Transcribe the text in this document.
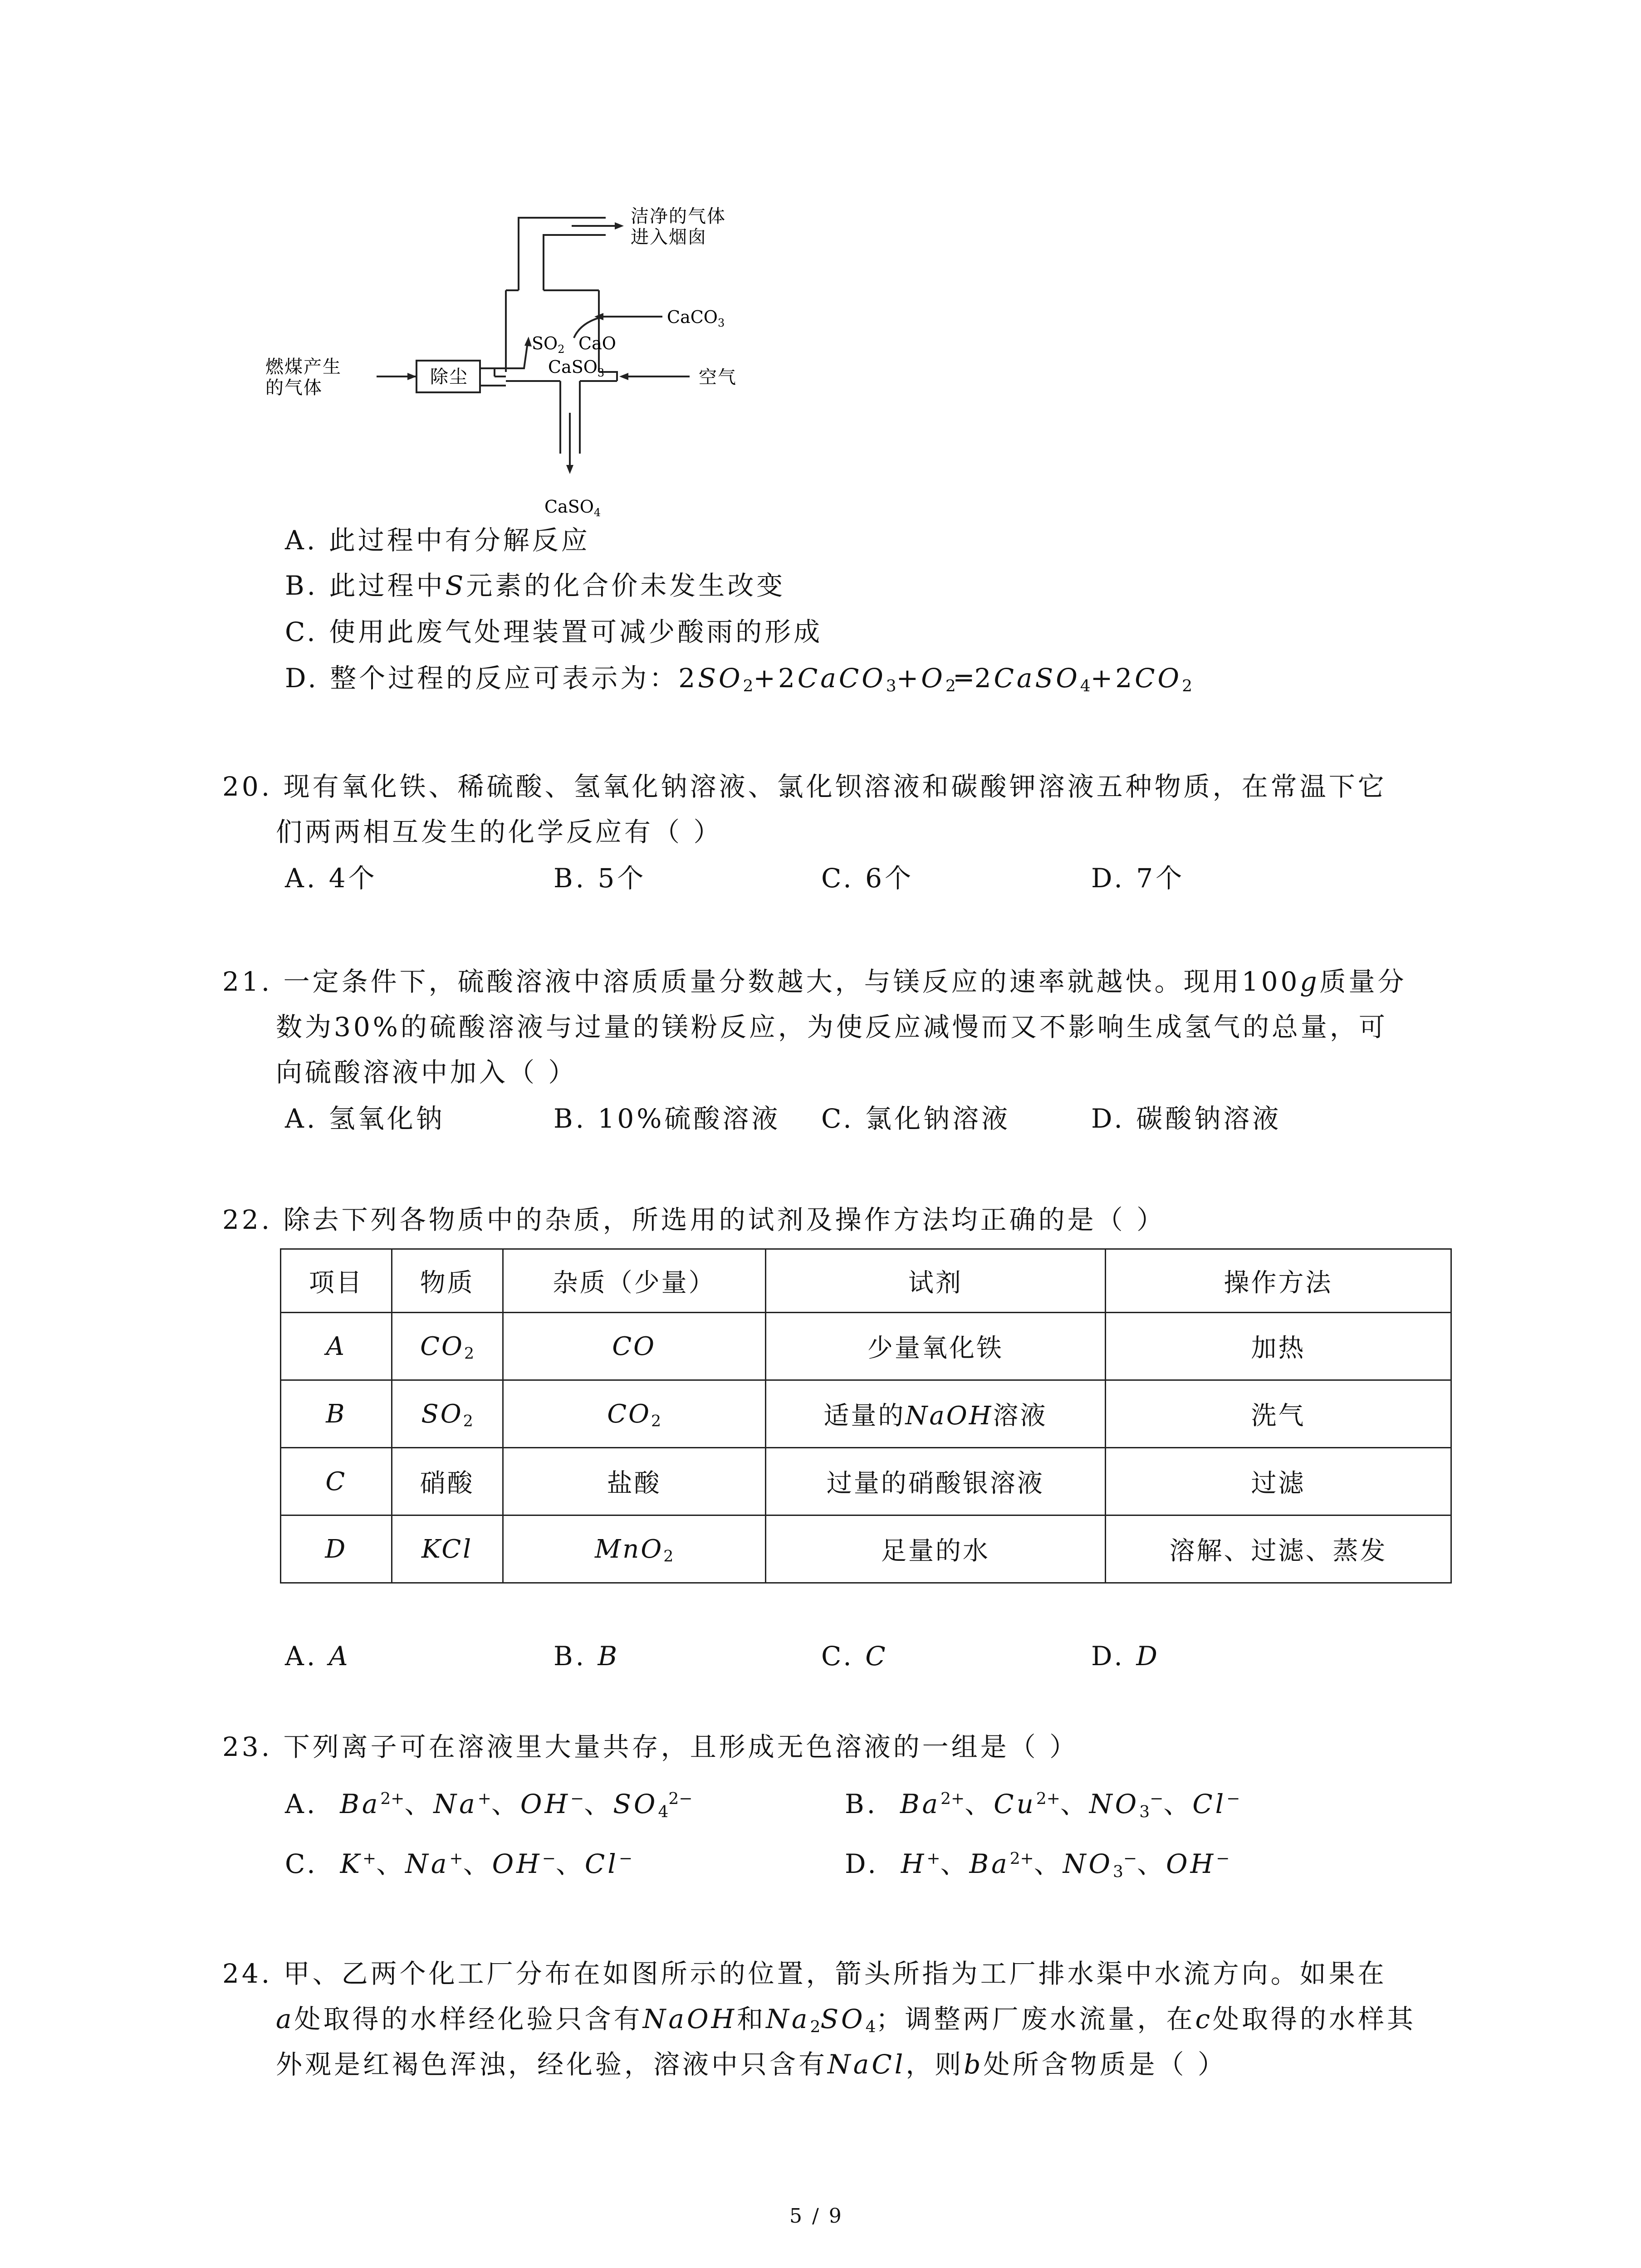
洁净的气体
进入烟囱
燃煤产生
的气体
除尘
CaCO$_3$
空气
$SO_2$ CaO
CaSO$_3$
CaSO$_4$
A. 此过程中有分解反应
B. 此过程中S元素的化合价未发生改变
C. 使用此废气处理装置可减少酸雨的形成
D. 整个过程的反应可表示为：$2SO_2+2CaCO_3+O_2═2CaSO_4+2CO_2$
20. 现有氧化铁、稀硫酸、氢氧化钠溶液、氯化钡溶液和碳酸钾溶液五种物质，在常温下它
们两两相互发生的化学反应有（ ）
A. 4个	B. 5个	C. 6个	D. 7个
21. 一定条件下，硫酸溶液中溶质质量分数越大，与镁反应的速率就越快。现用100g质量分
数为30%的硫酸溶液与过量的镁粉反应，为使反应减慢而又不影响生成氢气的总量，可
向硫酸溶液中加入（ ）
A. 氢氧化钠	B. 10%硫酸溶液 C. 氯化钠溶液	D. 碳酸钠溶液
22. 除去下列各物质中的杂质，所选用的试剂及操作方法均正确的是（ ）
项目	物质	杂质（少量）	试剂	操作方法
A	$CO_2$	CO	少量氧化铁	加热
B	$SO_2$	$CO_2$	适量的NaOH溶液	洗气
C	硝酸	盐酸	过量的硝酸银溶液	过滤
D	KCl	MnO$_2$	足量的水	溶解、过滤、蒸发
A. A	B. B	C. C	D. D
23. 下列离子可在溶液里大量共存，且形成无色溶液的一组是（ ）
A. $Ba^{2+}$、Na+、OH−、$SO_4^{2-}$	B. $Ba^{2+}$、$Cu^{2+}$、$NO_3^-$、Cl−
C. K+、Na+、OH−、Cl−	D. H+、$Ba^{2+}$、$NO_3^-$、OH−
24. 甲、乙两个化工厂分布在如图所示的位置，箭头所指为工厂排水渠中水流方向。如果在
a处取得的水样经化验只含有NaOH和$Na_2SO_4$；调整两厂废水流量，在c处取得的水样其
外观是红褐色浑浊，经化验，溶液中只含有NaCl，则b处所含物质是（ ）
5 / 9
